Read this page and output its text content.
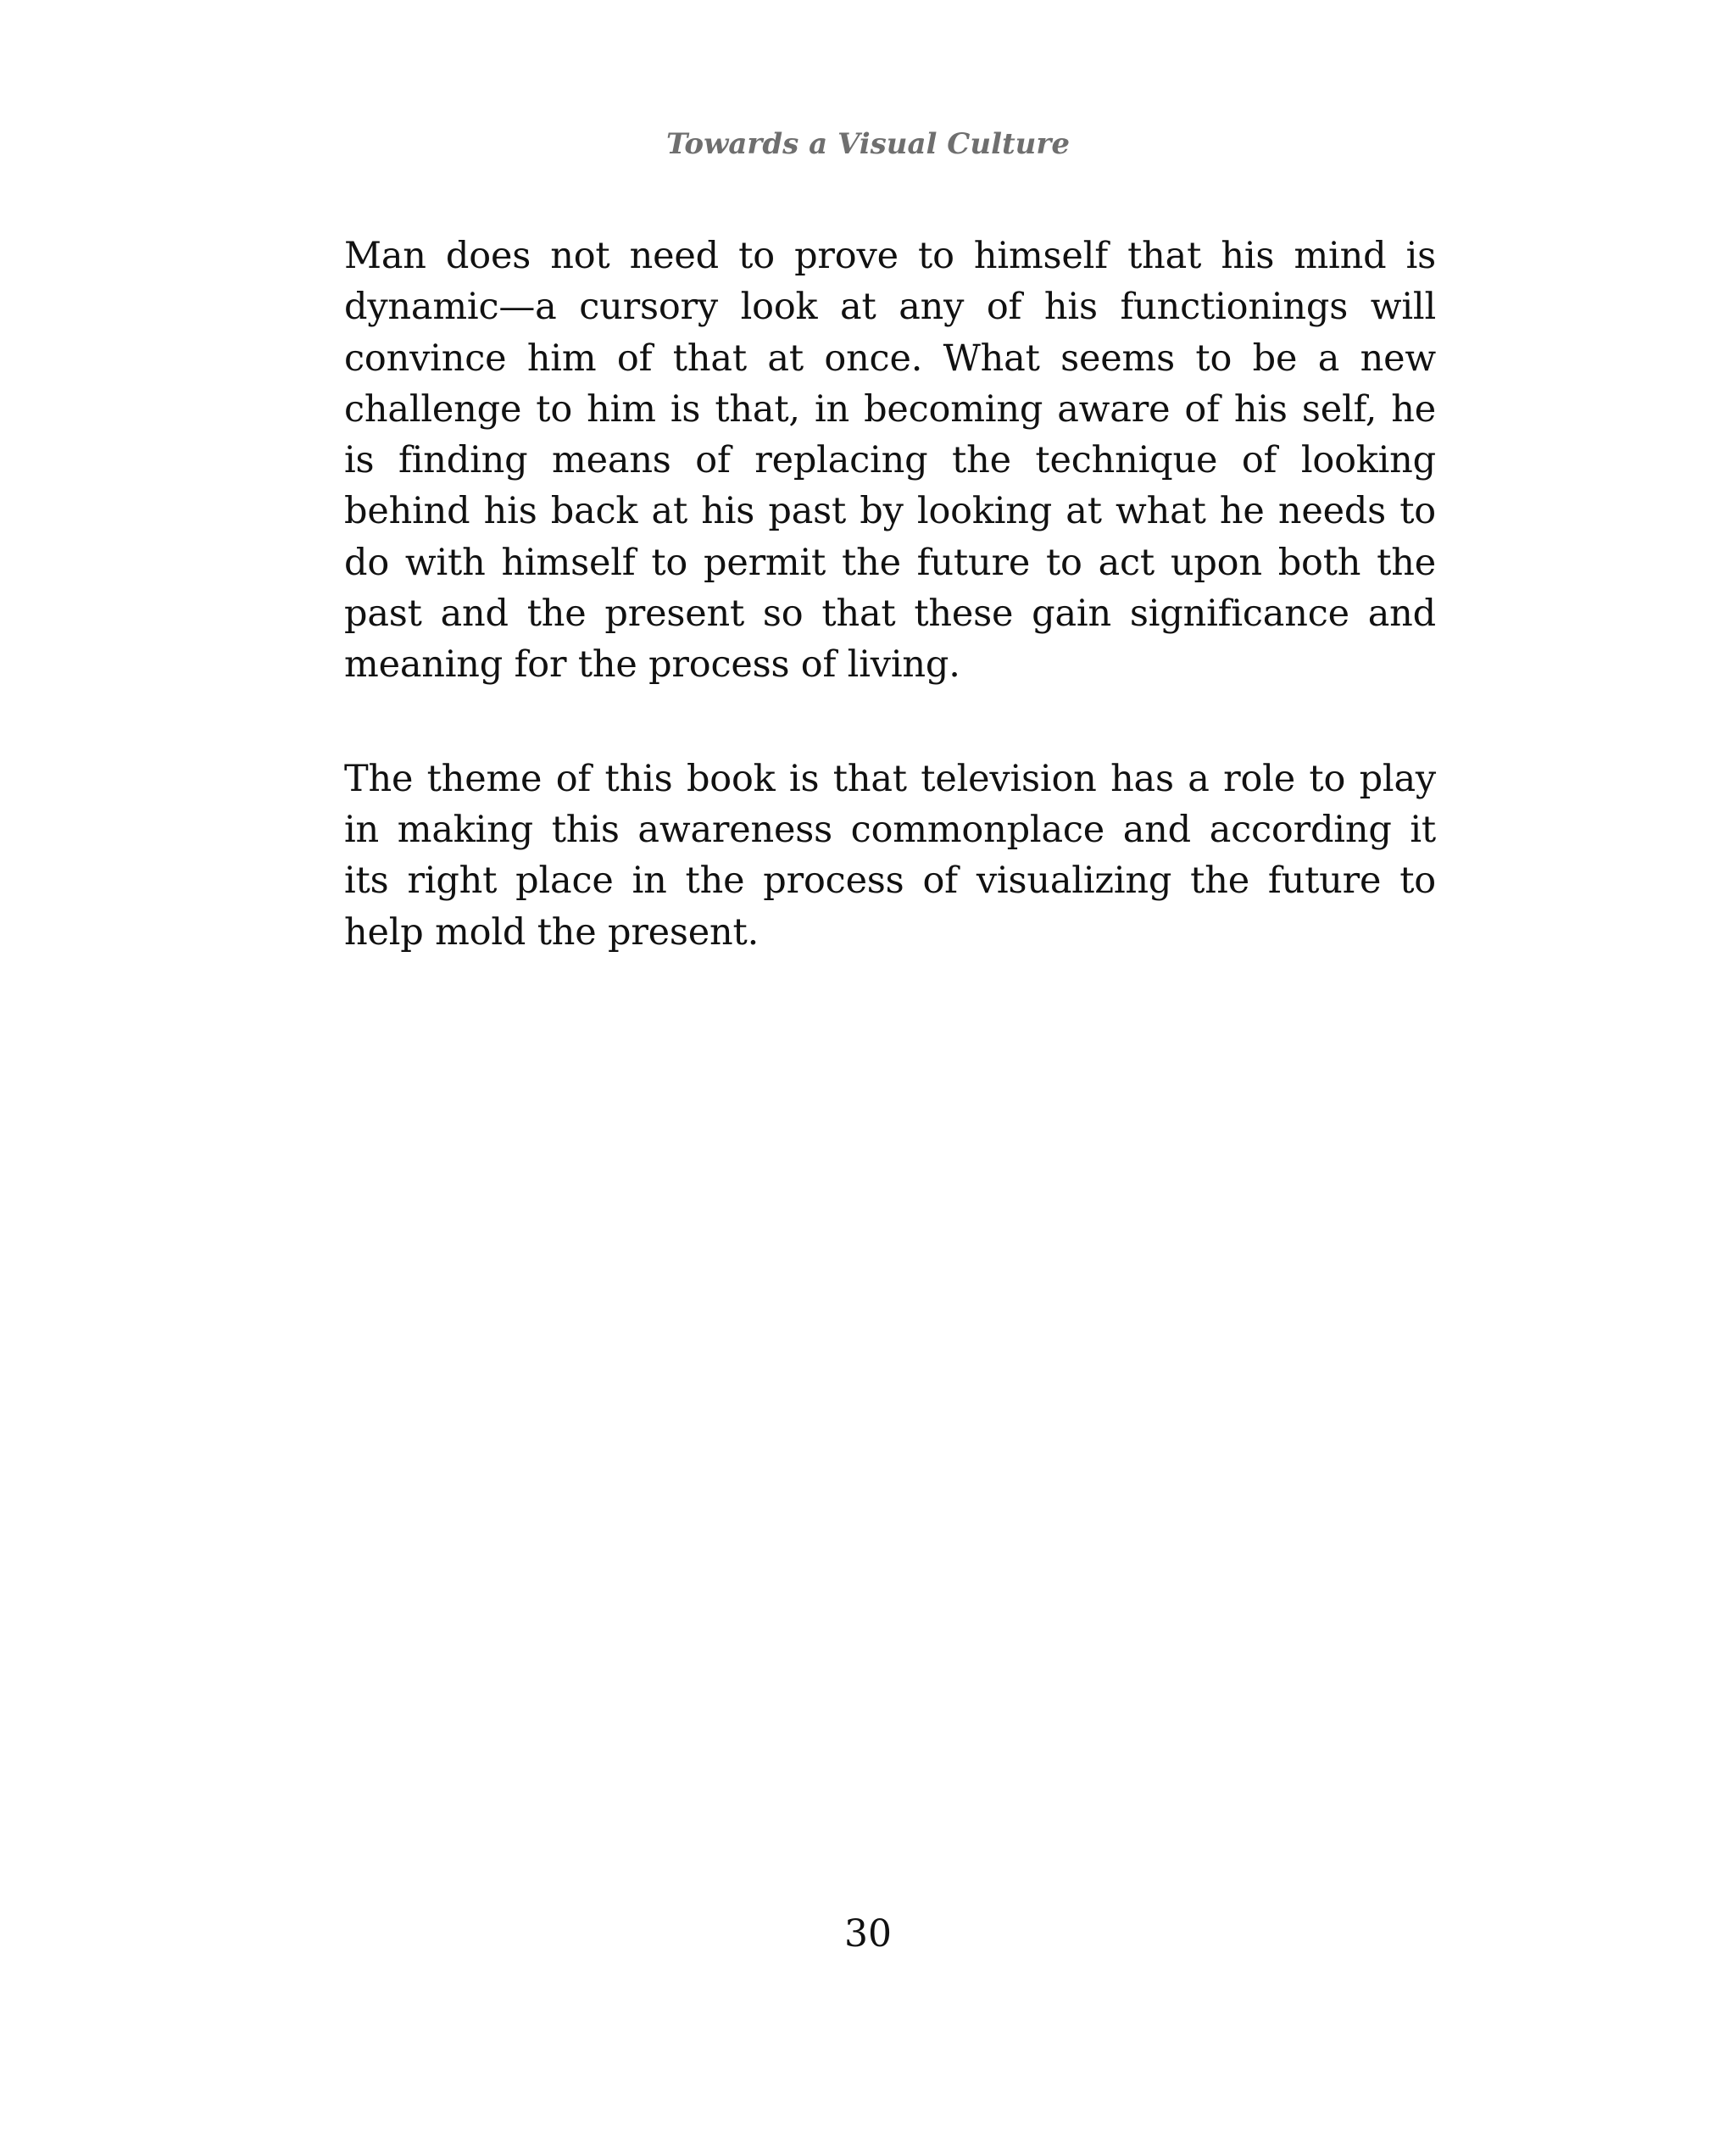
Towards a Visual Culture

Man does not need to prove to himself that his mind is dynamic—a cursory look at any of his functionings will convince him of that at once. What seems to be a new challenge to him is that, in becoming aware of his self, he is finding means of replacing the technique of looking behind his back at his past by looking at what he needs to do with himself to permit the future to act upon both the past and the present so that these gain significance and meaning for the process of living.

The theme of this book is that television has a role to play in making this awareness commonplace and according it its right place in the process of visualizing the future to help mold the present.

30
